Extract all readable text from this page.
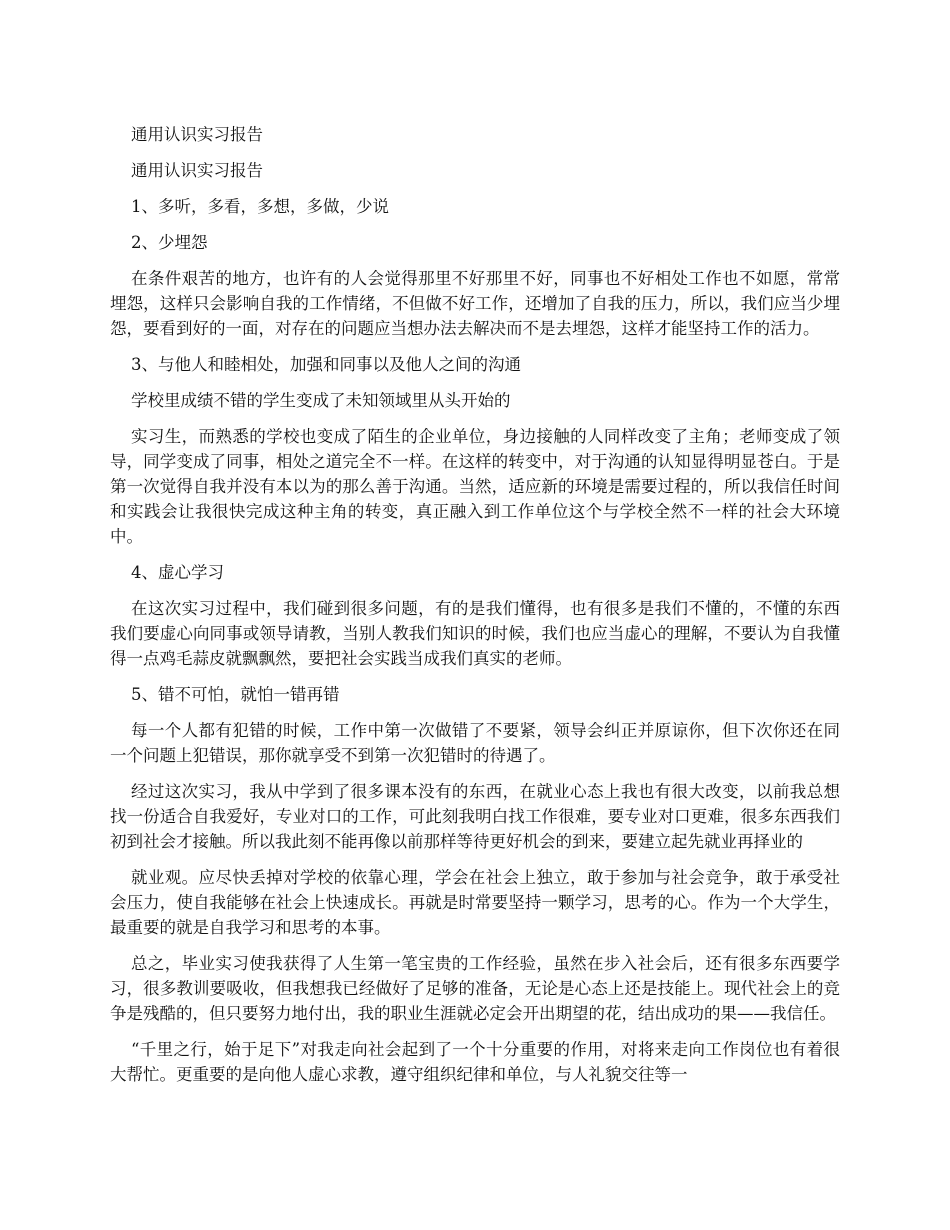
通用认识实习报告

通用认识实习报告

1、多听，多看，多想，多做，少说

2、少埋怨

在条件艰苦的地方，也许有的人会觉得那里不好那里不好，同事也不好相处工作也不如愿，常常埋怨，这样只会影响自我的工作情绪，不但做不好工作，还增加了自我的压力，所以，我们应当少埋怨，要看到好的一面，对存在的问题应当想办法去解决而不是去埋怨，这样才能坚持工作的活力。

3、与他人和睦相处，加强和同事以及他人之间的沟通

学校里成绩不错的学生变成了未知领域里从头开始的

实习生，而熟悉的学校也变成了陌生的企业单位，身边接触的人同样改变了主角；老师变成了领导，同学变成了同事，相处之道完全不一样。在这样的转变中，对于沟通的认知显得明显苍白。于是第一次觉得自我并没有本以为的那么善于沟通。当然，适应新的环境是需要过程的，所以我信任时间和实践会让我很快完成这种主角的转变，真正融入到工作单位这个与学校全然不一样的社会大环境中。

4、虚心学习

在这次实习过程中，我们碰到很多问题，有的是我们懂得，也有很多是我们不懂的，不懂的东西我们要虚心向同事或领导请教，当别人教我们知识的时候，我们也应当虚心的理解，不要认为自我懂得一点鸡毛蒜皮就飘飘然，要把社会实践当成我们真实的老师。

5、错不可怕，就怕一错再错

每一个人都有犯错的时候，工作中第一次做错了不要紧，领导会纠正并原谅你，但下次你还在同一个问题上犯错误，那你就享受不到第一次犯错时的待遇了。

经过这次实习，我从中学到了很多课本没有的东西，在就业心态上我也有很大改变，以前我总想找一份适合自我爱好，专业对口的工作，可此刻我明白找工作很难，要专业对口更难，很多东西我们初到社会才接触。所以我此刻不能再像以前那样等待更好机会的到来，要建立起先就业再择业的

就业观。应尽快丢掉对学校的依靠心理，学会在社会上独立，敢于参加与社会竞争，敢于承受社会压力，使自我能够在社会上快速成长。再就是时常要坚持一颗学习，思考的心。作为一个大学生，最重要的就是自我学习和思考的本事。

总之，毕业实习使我获得了人生第一笔宝贵的工作经验，虽然在步入社会后，还有很多东西要学习，很多教训要吸收，但我想我已经做好了足够的准备，无论是心态上还是技能上。现代社会上的竞争是残酷的，但只要努力地付出，我的职业生涯就必定会开出期望的花，结出成功的果——我信任。

“千里之行，始于足下”对我走向社会起到了一个十分重要的作用，对将来走向工作岗位也有着很大帮忙。更重要的是向他人虚心求教，遵守组织纪律和单位，与人礼貌交往等一
